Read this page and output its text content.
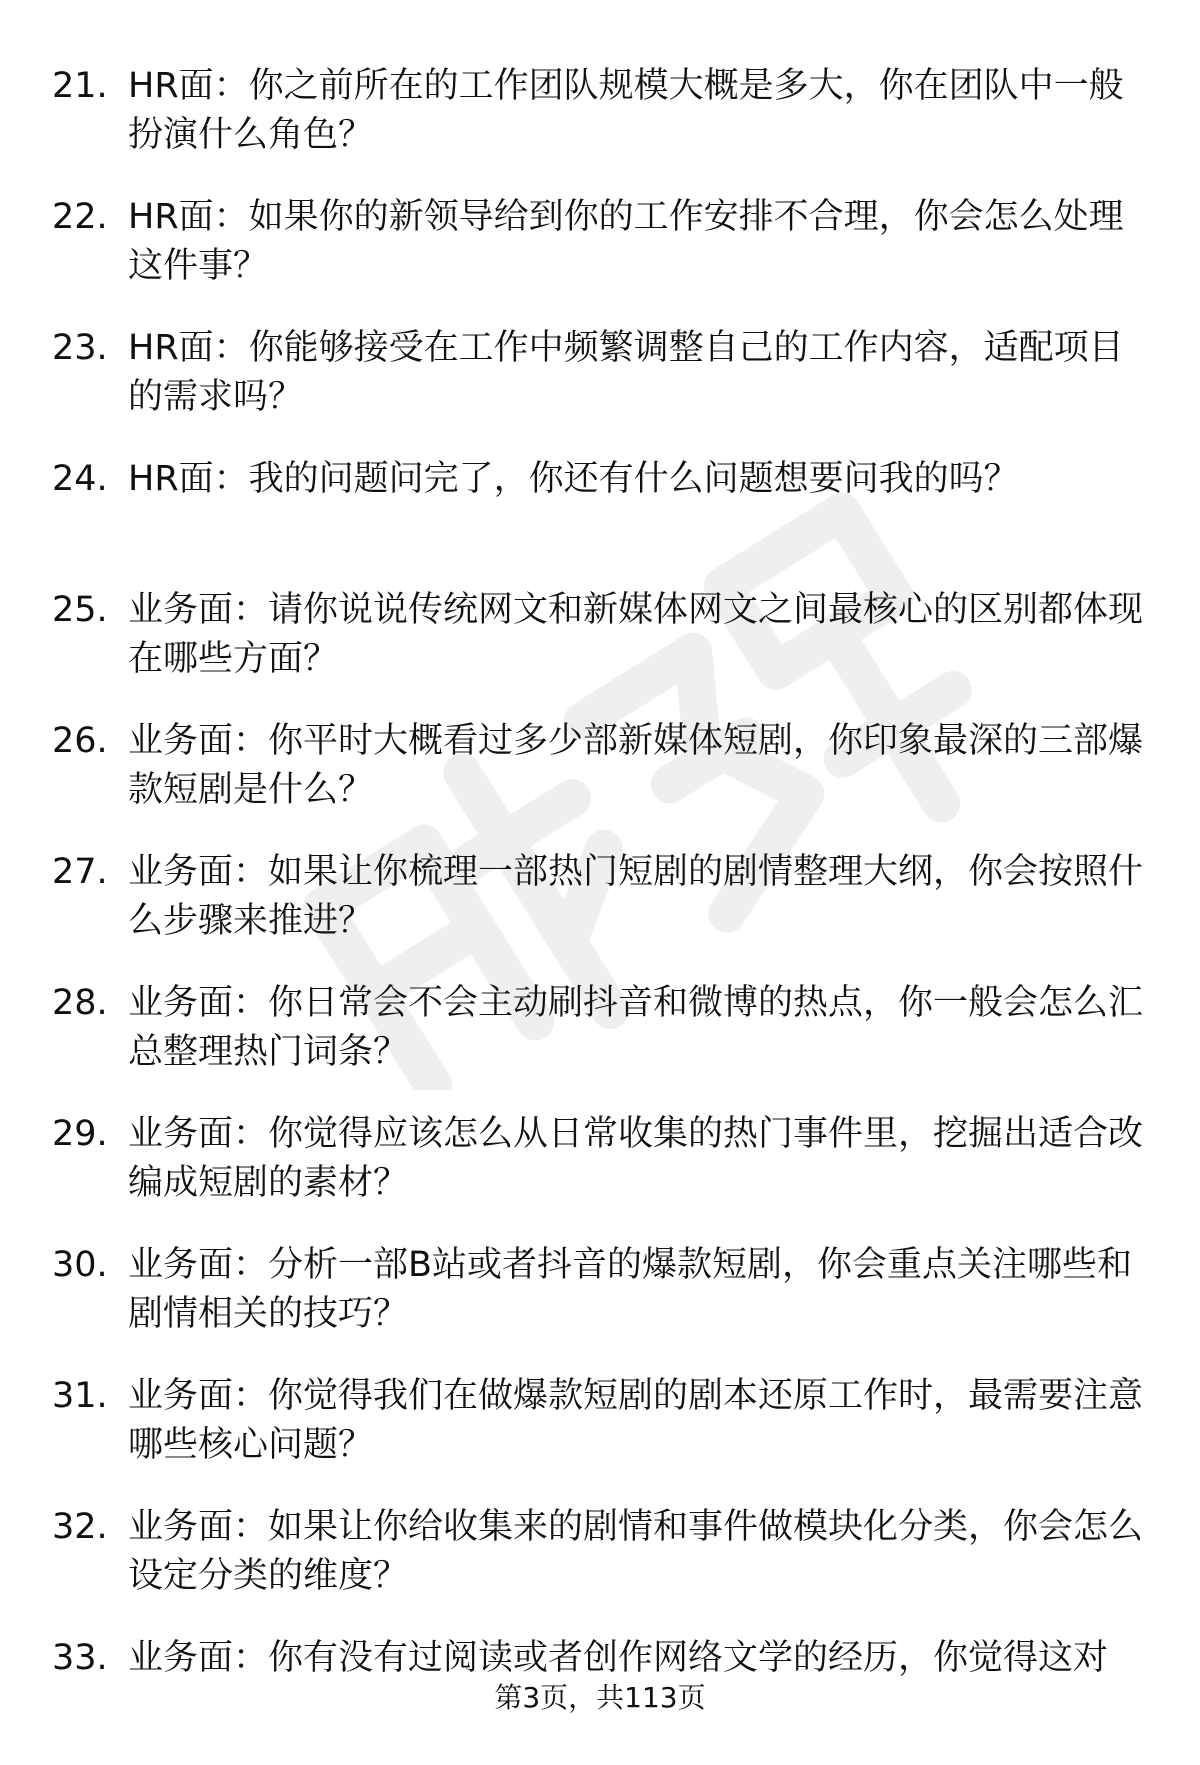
21. HR面：你之前所在的工作团队规模大概是多大，你在团队中一般扮演什么角色？
22. HR面：如果你的新领导给到你的工作安排不合理，你会怎么处理这件事？
23. HR面：你能够接受在工作中频繁调整自己的工作内容，适配项目的需求吗？
24. HR面：我的问题问完了，你还有什么问题想要问我的吗？
25. 业务面：请你说说传统网文和新媒体网文之间最核心的区别都体现在哪些方面？
26. 业务面：你平时大概看过多少部新媒体短剧，你印象最深的三部爆款短剧是什么？
27. 业务面：如果让你梳理一部热门短剧的剧情整理大纲，你会按照什么步骤来推进？
28. 业务面：你日常会不会主动刷抖音和微博的热点，你一般会怎么汇总整理热门词条？
29. 业务面：你觉得应该怎么从日常收集的热门事件里，挖掘出适合改编成短剧的素材？
30. 业务面：分析一部B站或者抖音的爆款短剧，你会重点关注哪些和剧情相关的技巧？
31. 业务面：你觉得我们在做爆款短剧的剧本还原工作时，最需要注意哪些核心问题？
32. 业务面：如果让你给收集来的剧情和事件做模块化分类，你会怎么设定分类的维度？
33. 业务面：你有没有过阅读或者创作网络文学的经历，你觉得这对
第3页，共113页
